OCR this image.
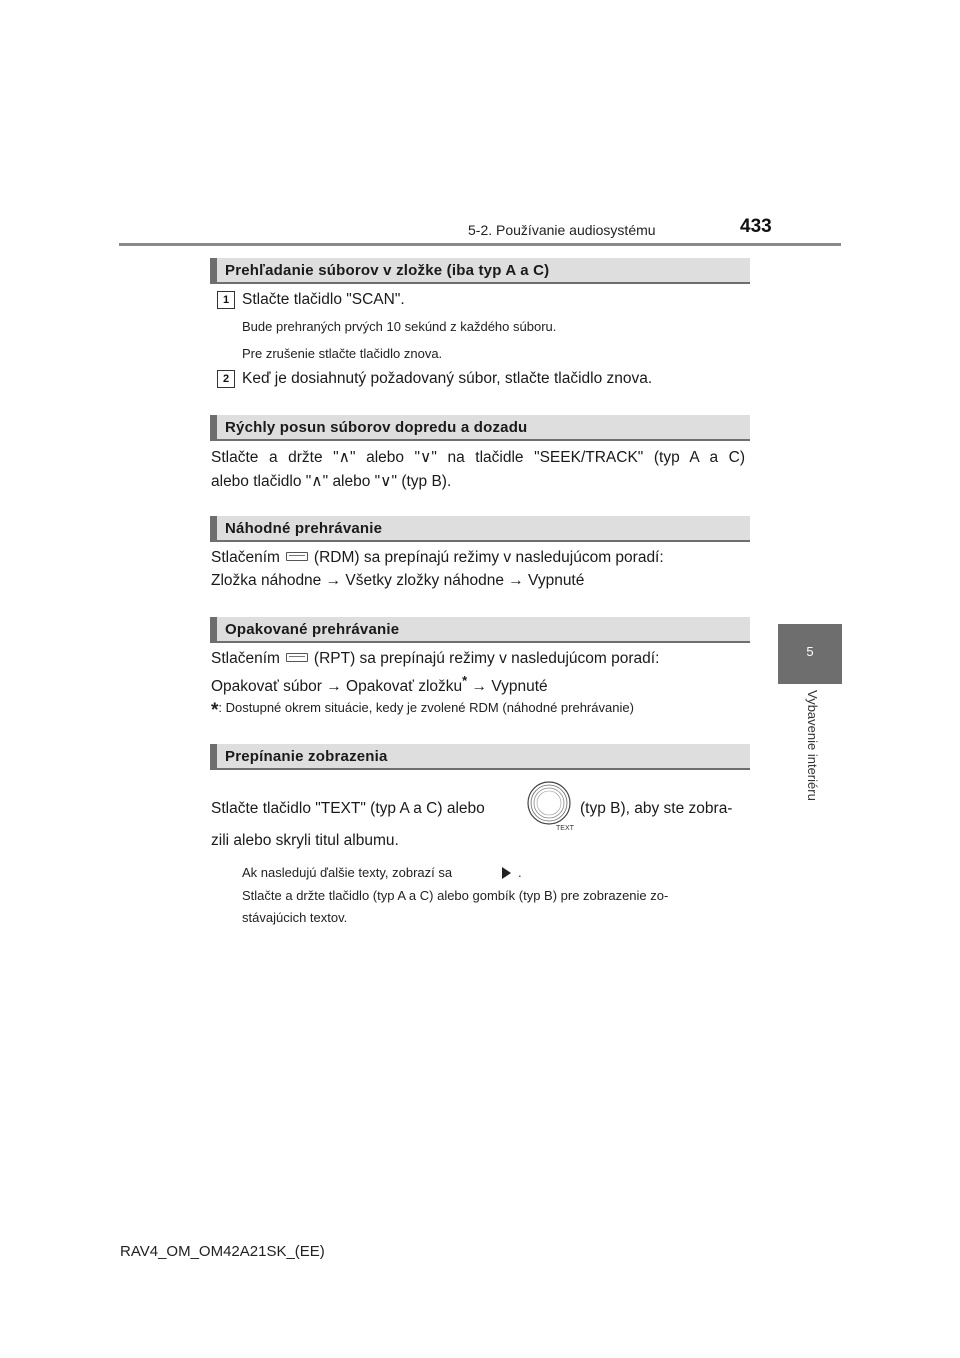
5-2. Používanie audiosystému	433
5
Vybavenie interiéru
Prehľadanie súborov v zložke (iba typ A a C)
1 Stlačte tlačidlo "SCAN".
Bude prehraných prvých 10 sekúnd z každého súboru.
Pre zrušenie stlačte tlačidlo znova.
2 Keď je dosiahnutý požadovaný súbor, stlačte tlačidlo znova.
Rýchly posun súborov dopredu a dozadu
Stlačte a držte "∧" alebo "∨" na tlačidle "SEEK/TRACK" (typ A a C)
alebo tlačidlo "∧" alebo "∨" (typ B).
Náhodné prehrávanie
Stlačením (RDM) sa prepínajú režimy v nasledujúcom poradí:
Zložka náhodne → Všetky zložky náhodne → Vypnuté
Opakované prehrávanie
Stlačením (RPT) sa prepínajú režimy v nasledujúcom poradí:
Opakovať súbor → Opakovať zložku* → Vypnuté
*: Dostupné okrem situácie, kedy je zvolené RDM (náhodné prehrávanie)
Prepínanie zobrazenia
Stlačte tlačidlo "TEXT" (typ A a C) alebo
TEXT
(typ B), aby ste zobra-
zili alebo skryli titul albumu.
Ak nasledujú ďalšie texty, zobrazí sa	.
Stlačte a držte tlačidlo (typ A a C) alebo gombík (typ B) pre zobrazenie zo-
stávajúcich textov.
RAV4_OM_OM42A21SK_(EE)
